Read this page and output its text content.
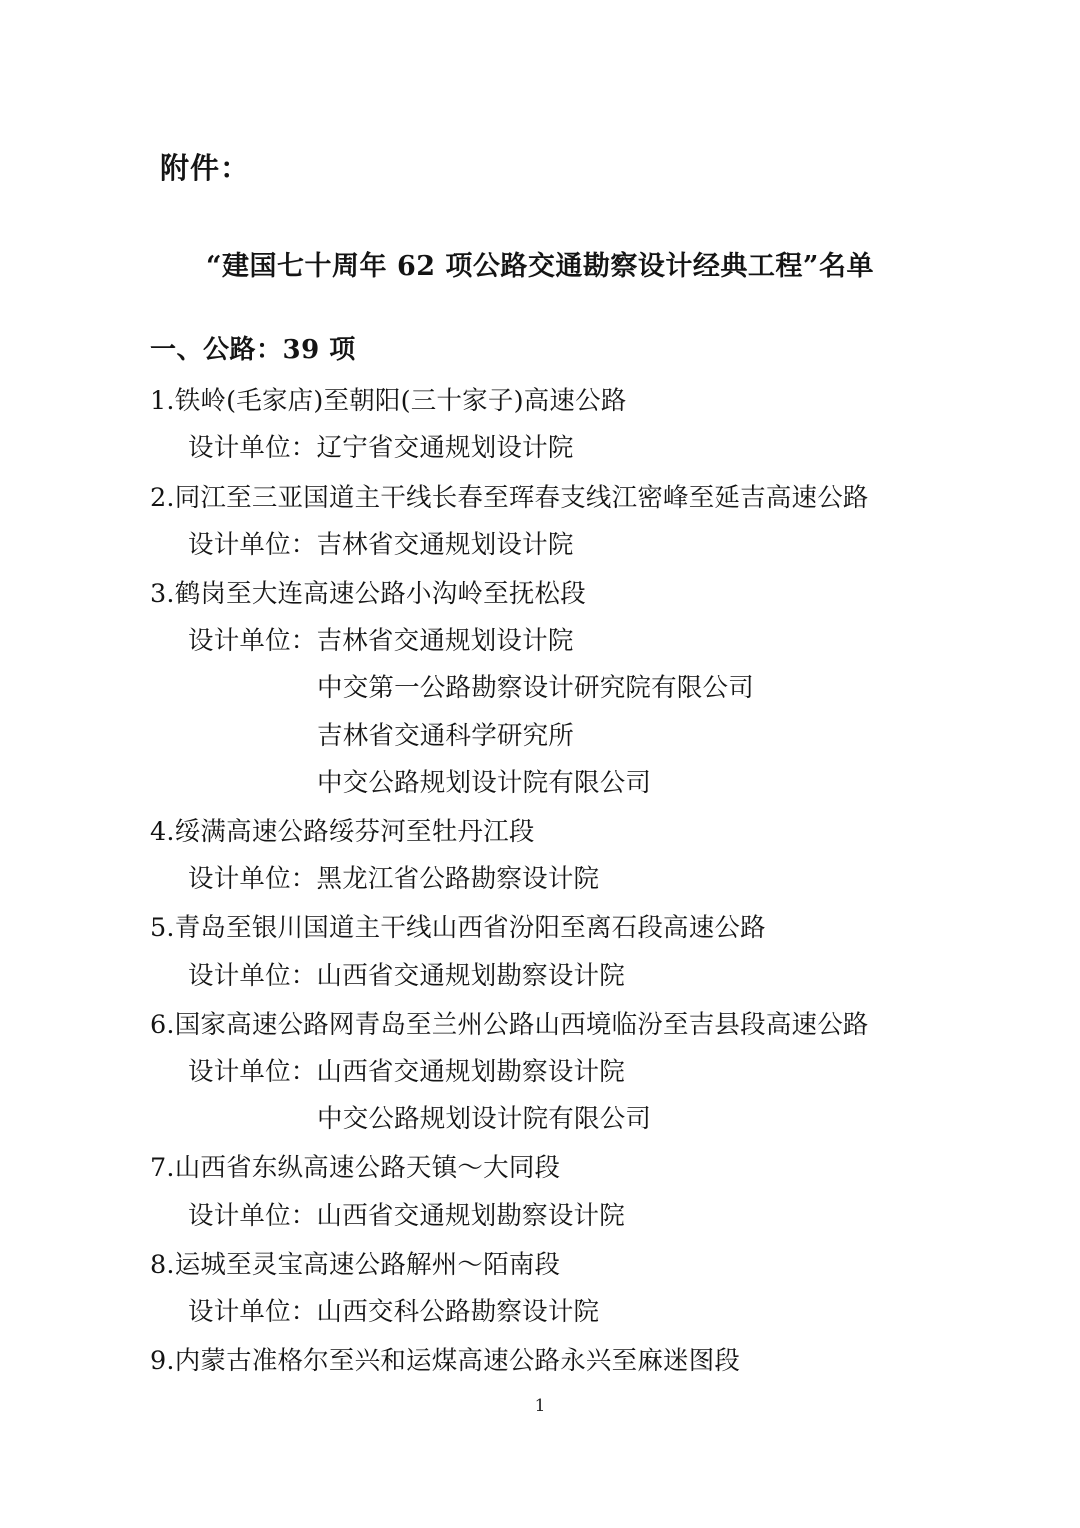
附件：
“建国七十周年 62 项公路交通勘察设计经典工程”名单
一、公路：39 项
1.铁岭(毛家店)至朝阳(三十家子)高速公路
设计单位：辽宁省交通规划设计院
2.同江至三亚国道主干线长春至珲春支线江密峰至延吉高速公路
设计单位：吉林省交通规划设计院
3.鹤岗至大连高速公路小沟岭至抚松段
设计单位：吉林省交通规划设计院
中交第一公路勘察设计研究院有限公司
吉林省交通科学研究所
中交公路规划设计院有限公司
4.绥满高速公路绥芬河至牡丹江段
设计单位：黑龙江省公路勘察设计院
5.青岛至银川国道主干线山西省汾阳至离石段高速公路
设计单位：山西省交通规划勘察设计院
6.国家高速公路网青岛至兰州公路山西境临汾至吉县段高速公路
设计单位：山西省交通规划勘察设计院
中交公路规划设计院有限公司
7.山西省东纵高速公路天镇～大同段
设计单位：山西省交通规划勘察设计院
8.运城至灵宝高速公路解州～陌南段
设计单位：山西交科公路勘察设计院
9.内蒙古准格尔至兴和运煤高速公路永兴至麻迷图段
1
